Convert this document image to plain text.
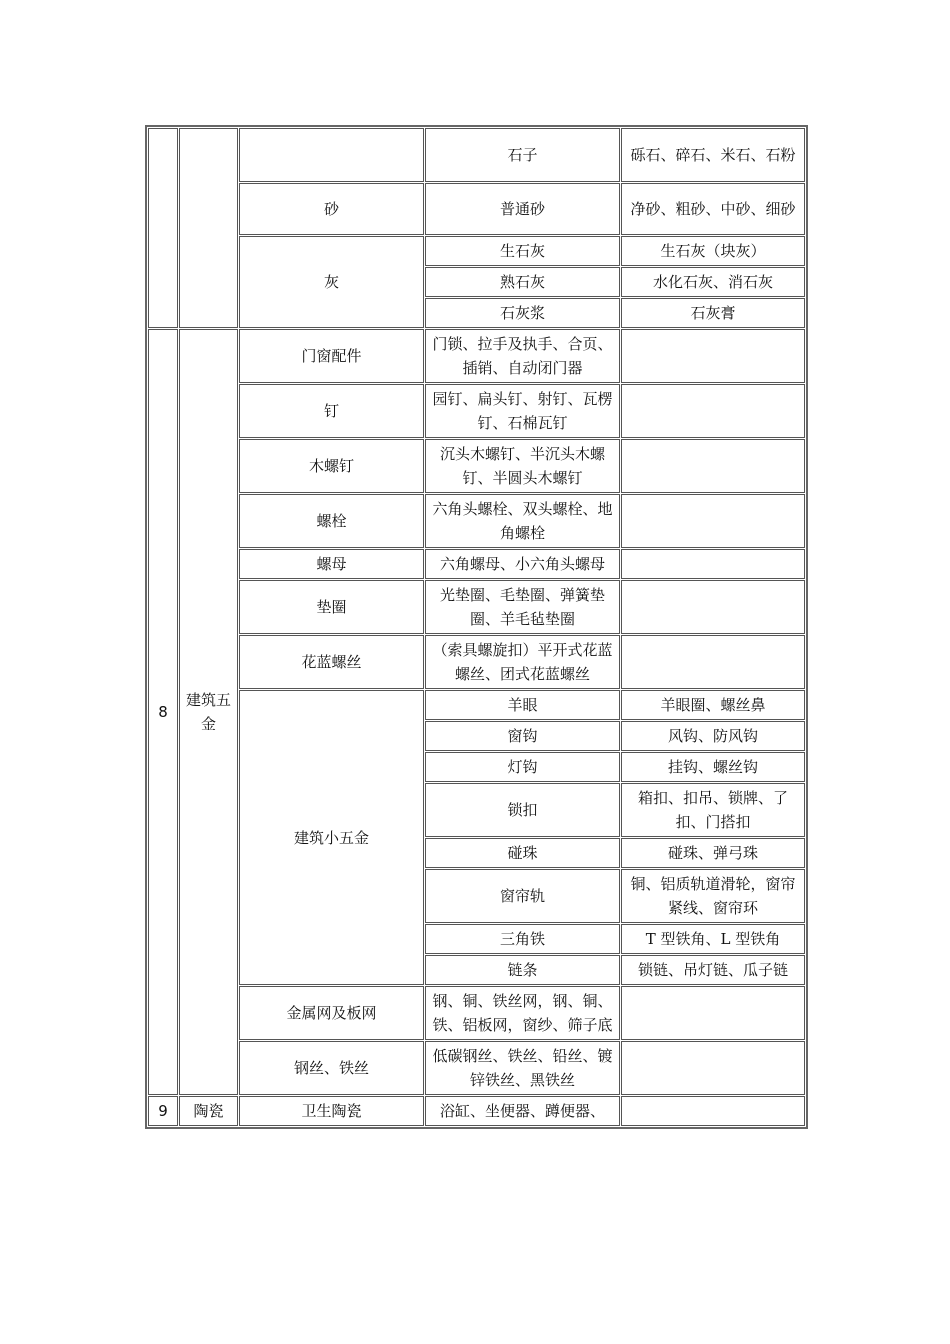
			石子	砾石、碎石、米石、石粉
		砂	普通砂	净砂、粗砂、中砂、细砂
		灰	生石灰	生石灰（块灰）
			熟石灰	水化石灰、消石灰
			石灰浆	石灰膏
8	建筑五金	门窗配件	门锁、拉手及执手、合页、插销、自动闭门器	
		钉	园钉、扁头钉、射钉、瓦楞钉、石棉瓦钉	
		木螺钉	沉头木螺钉、半沉头木螺钉、半圆头木螺钉	
		螺栓	六角头螺栓、双头螺栓、地角螺栓	
		螺母	六角螺母、小六角头螺母	
		垫圈	光垫圈、毛垫圈、弹簧垫圈、羊毛毡垫圈	
		花蓝螺丝	（索具螺旋扣）平开式花蓝螺丝、团式花蓝螺丝	
		建筑小五金	羊眼	羊眼圈、螺丝鼻
			窗钩	风钩、防风钩
			灯钩	挂钩、螺丝钩
			锁扣	箱扣、扣吊、锁牌、了扣、门搭扣
			碰珠	碰珠、弹弓珠
			窗帘轨	铜、铝质轨道滑轮，窗帘紧线、窗帘环
			三角铁	T 型铁角、L 型铁角
			链条	锁链、吊灯链、瓜子链
		金属网及板网	钢、铜、铁丝网，钢、铜、铁、铝板网，窗纱、筛子底	
		钢丝、铁丝	低碳钢丝、铁丝、铅丝、镀锌铁丝、黑铁丝	
9	陶瓷	卫生陶瓷	浴缸、坐便器、蹲便器、	
